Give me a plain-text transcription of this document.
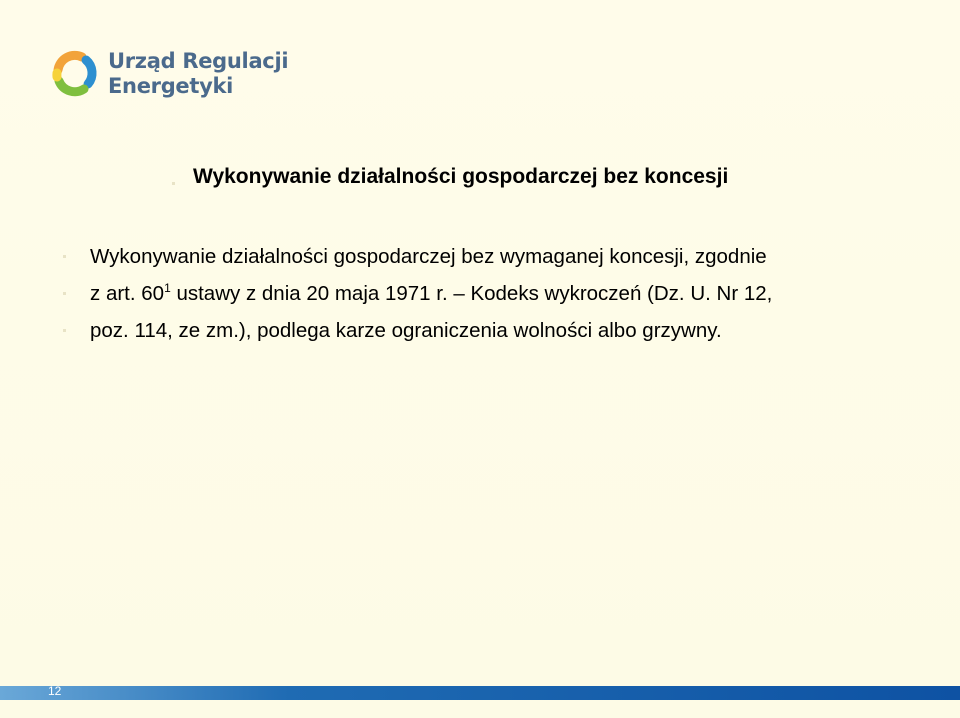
Urząd Regulacji
Energetyki
Wykonywanie działalności gospodarczej bez koncesji
Wykonywanie działalności gospodarczej bez wymaganej koncesji, zgodnie
z art. $60^1$ ustawy z dnia 20 maja 1971 r. – Kodeks wykroczeń (Dz. U. Nr 12,
poz. 114, ze zm.), podlega karze ograniczenia wolności albo grzywny.
12
